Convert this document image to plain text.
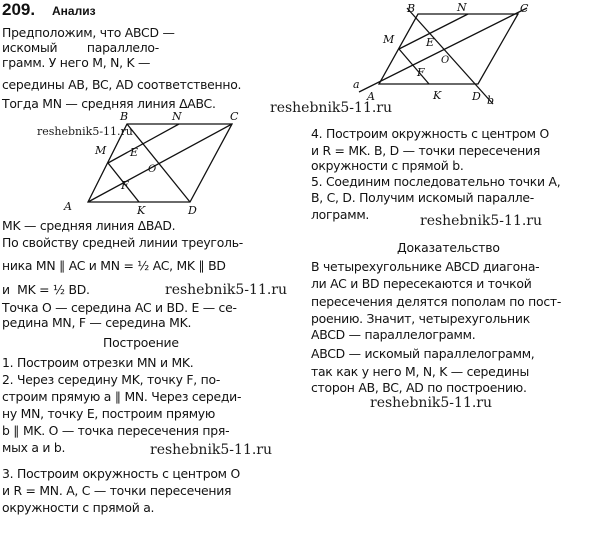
209. Анализ
Предположим, что ABCD —
искомый        параллело-
грамм. У него M, N, K —
середины AB, BC, AD соответственно.
Тогда MN — средняя линия ΔABC.
B	N	C
M E
O
F
A	K	D
reshebnik5-11.ru
MK — средняя линия ΔBAD.
По свойству средней линии треуголь-
ника MN ∥ AC и MN = ½ AC, MK ∥ BD
и  MK = ½ BD.
Точка O — середина AC и BD. E — се-
редина MN, F — середина MK.
Построение
1. Построим отрезки MN и MK.
2. Через середину MK, точку F, по-
строим прямую a ∥ MN. Через середи-
ну MN, точку E, построим прямую
b ∥ MK. O — точка пересечения пря-
мых a и b.
3. Построим окружность с центром O
и R = MN. A, C — точки пересечения
окружности с прямой a.
B	N	C
M	E
O
F
a
A	K	D b
reshebnik5-11.ru
4. Построим окружность с центром O
и R = MK. B, D — точки пересечения
окружности с прямой b.
5. Соединим последовательно точки A,
B, C, D. Получим искомый паралле-
лограмм.	reshebnik5-11.ru
Доказательство
В четырехугольнике ABCD диагона-
ли AC и BD пересекаются и точкой
пересечения делятся пополам по пост-
роению. Значит, четырехугольник
ABCD — параллелограмм.
ABCD — искомый параллелограмм,
так как у него M, N, K — середины
сторон AB, BC, AD по построению.
reshebnik5-11.ru
reshebnik5-11.ru
reshebnik5-11.ru
